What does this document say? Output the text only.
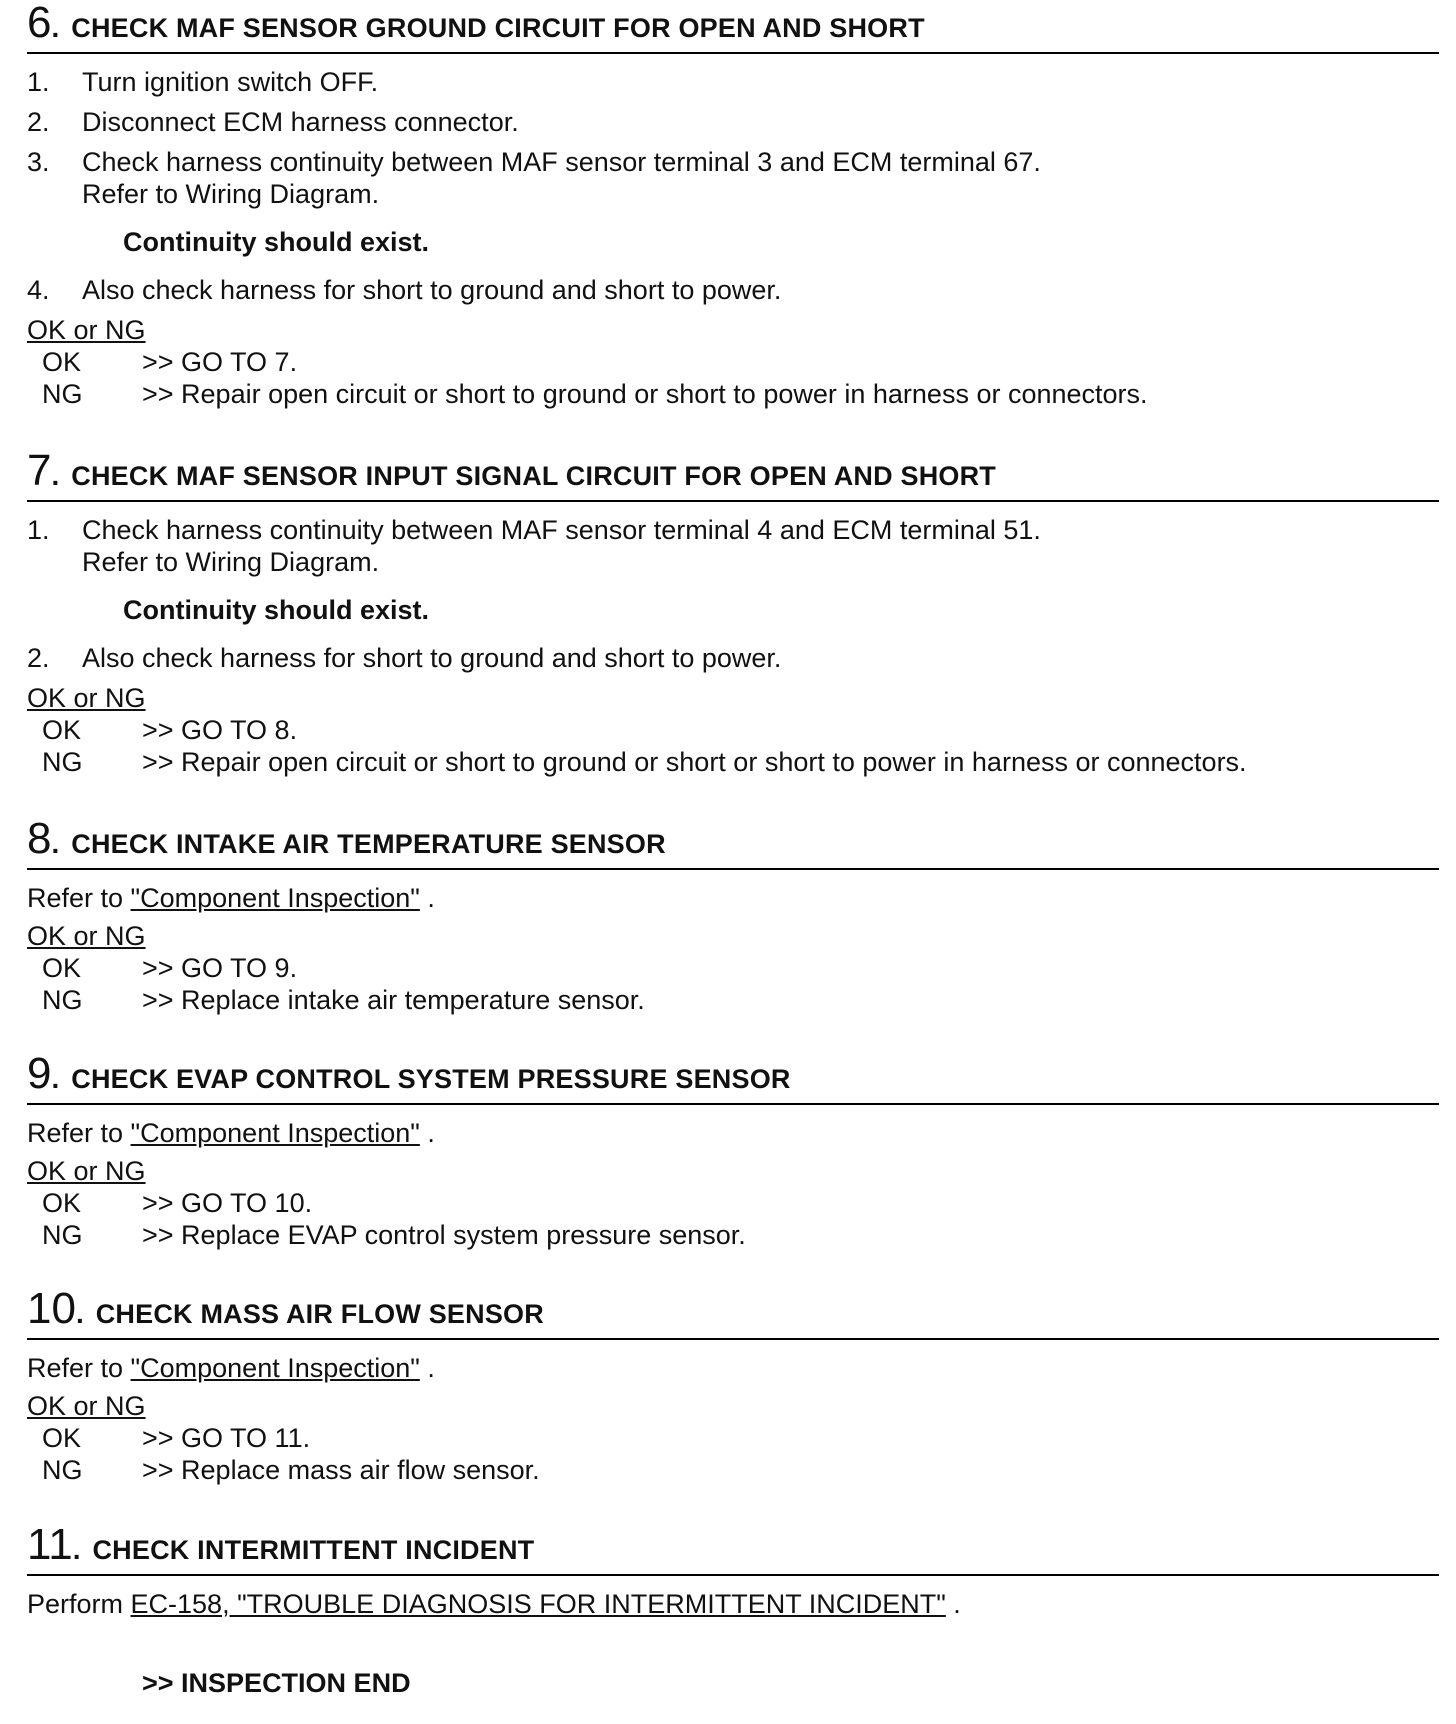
6 . CHECK MAF SENSOR GROUND CIRCUIT FOR OPEN AND SHORT
1.	Turn ignition switch OFF.
2.	Disconnect ECM harness connector.
3.	Check harness continuity between MAF sensor terminal 3 and ECM terminal 67.
Refer to Wiring Diagram.
Continuity should exist.
4.	Also check harness for short to ground and short to power.
OK or NG
OK	>> GO TO 7.
NG	>> Repair open circuit or short to ground or short to power in harness or connectors.
7 . CHECK MAF SENSOR INPUT SIGNAL CIRCUIT FOR OPEN AND SHORT
1.	Check harness continuity between MAF sensor terminal 4 and ECM terminal 51.
Refer to Wiring Diagram.
Continuity should exist.
2.	Also check harness for short to ground and short to power.
OK or NG
OK	>> GO TO 8.
NG	>> Repair open circuit or short to ground or short or short to power in harness or connectors.
8 . CHECK INTAKE AIR TEMPERATURE SENSOR
Refer to "Component Inspection" .
OK or NG
OK	>> GO TO 9.
NG	>> Replace intake air temperature sensor.
9 . CHECK EVAP CONTROL SYSTEM PRESSURE SENSOR
Refer to "Component Inspection" .
OK or NG
OK	>> GO TO 10.
NG	>> Replace EVAP control system pressure sensor.
10 . CHECK MASS AIR FLOW SENSOR
Refer to "Component Inspection" .
OK or NG
OK	>> GO TO 11.
NG	>> Replace mass air flow sensor.
11 . CHECK INTERMITTENT INCIDENT
Perform EC-158, "TROUBLE DIAGNOSIS FOR INTERMITTENT INCIDENT" .
>> INSPECTION END
